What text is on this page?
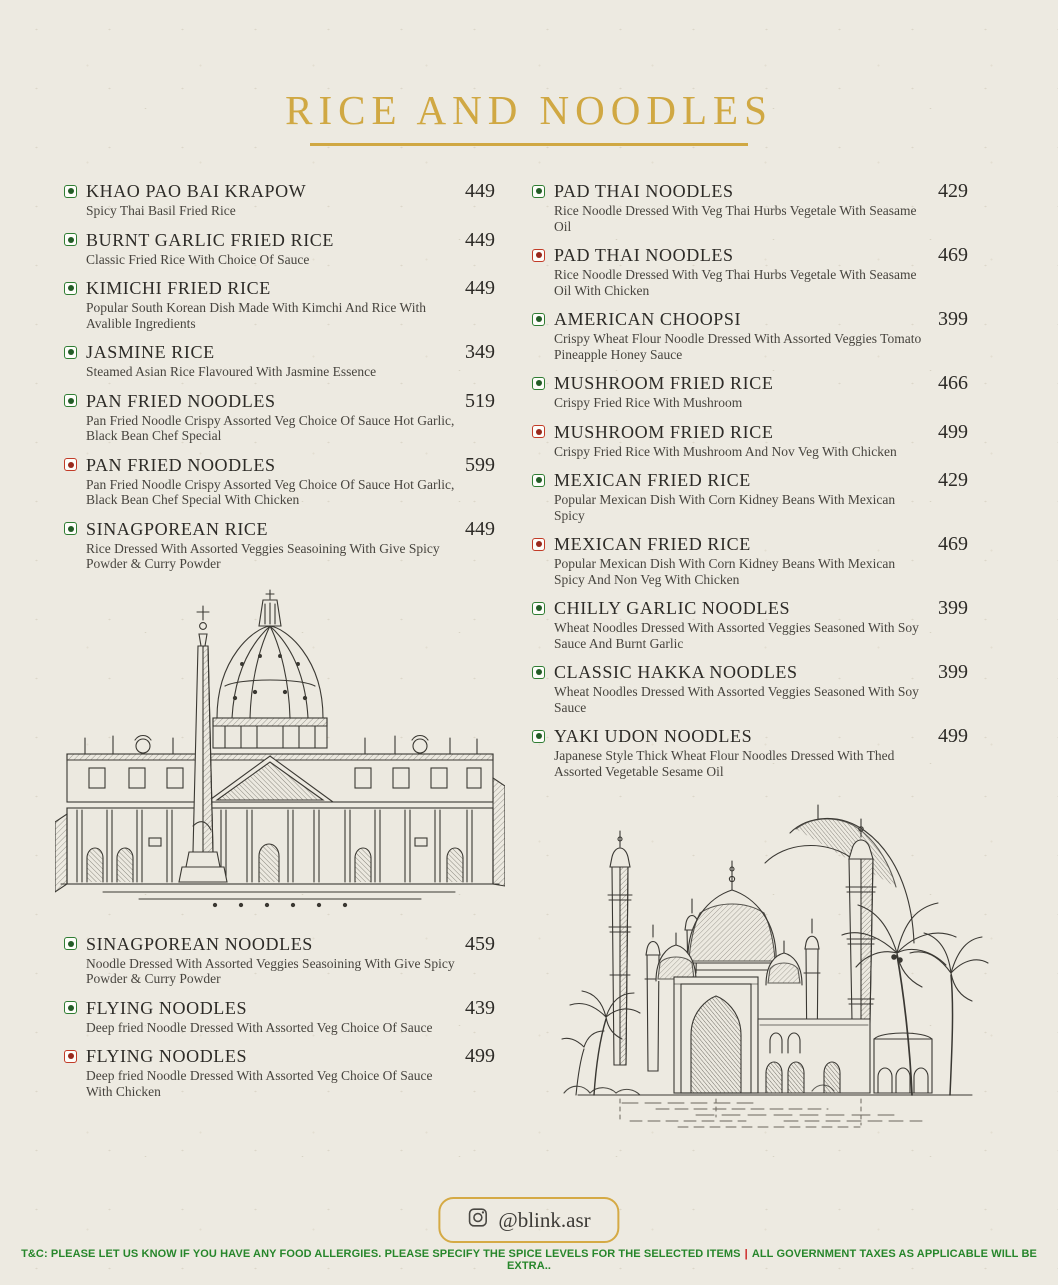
RICE AND NOODLES
KHAO PAO BAI KRAPOW	449
Spicy Thai Basil Fried Rice
BURNT GARLIC FRIED RICE	449
Classic Fried Rice With Choice Of Sauce
KIMICHI FRIED RICE	449
Popular South Korean Dish Made With Kimchi And Rice With Avalible Ingredients
JASMINE RICE	349
Steamed Asian Rice Flavoured With Jasmine Essence
PAN FRIED NOODLES	519
Pan Fried Noodle Crispy Assorted Veg Choice Of Sauce Hot Garlic, Black Bean Chef Special
PAN FRIED NOODLES	599
Pan Fried Noodle Crispy Assorted Veg Choice Of Sauce Hot Garlic, Black Bean Chef Special With Chicken
SINAGPOREAN RICE	449
Rice Dressed With Assorted Veggies Seasoining With Give Spicy Powder & Curry Powder
SINAGPOREAN NOODLES	459
Noodle Dressed With Assorted Veggies Seasoining With Give Spicy Powder & Curry Powder
FLYING NOODLES	439
Deep fried Noodle Dressed With Assorted Veg Choice Of Sauce
FLYING NOODLES	499
Deep fried Noodle Dressed With Assorted Veg Choice Of Sauce With Chicken
PAD THAI NOODLES	429
Rice Noodle Dressed With Veg Thai Hurbs Vegetale With Seasame Oil
PAD THAI NOODLES	469
Rice Noodle Dressed With Veg Thai Hurbs Vegetale With Seasame Oil With Chicken
AMERICAN CHOOPSI	399
Crispy Wheat Flour Noodle Dressed With Assorted Veggies Tomato Pineapple Honey Sauce
MUSHROOM FRIED RICE	466
Crispy Fried Rice With Mushroom
MUSHROOM FRIED RICE	499
Crispy Fried Rice With Mushroom And Nov Veg With Chicken
MEXICAN FRIED RICE	429
Popular Mexican Dish With Corn Kidney Beans With Mexican Spicy
MEXICAN FRIED RICE	469
Popular Mexican Dish With Corn Kidney Beans With Mexican Spicy And Non Veg With Chicken
CHILLY GARLIC NOODLES	399
Wheat Noodles Dressed With Assorted Veggies Seasoned With Soy Sauce And Burnt Garlic
CLASSIC HAKKA NOODLES	399
Wheat Noodles Dressed With Assorted Veggies Seasoned With Soy Sauce
YAKI UDON NOODLES	499
Japanese Style Thick Wheat Flour Noodles Dressed With Thed Assorted Vegetable Sesame Oil
@blink.asr
T&C: PLEASE LET US KNOW IF YOU HAVE ANY FOOD ALLERGIES. PLEASE SPECIFY THE SPICE LEVELS FOR THE SELECTED ITEMS | ALL GOVERNMENT TAXES AS APPLICABLE WILL BE EXTRA..
